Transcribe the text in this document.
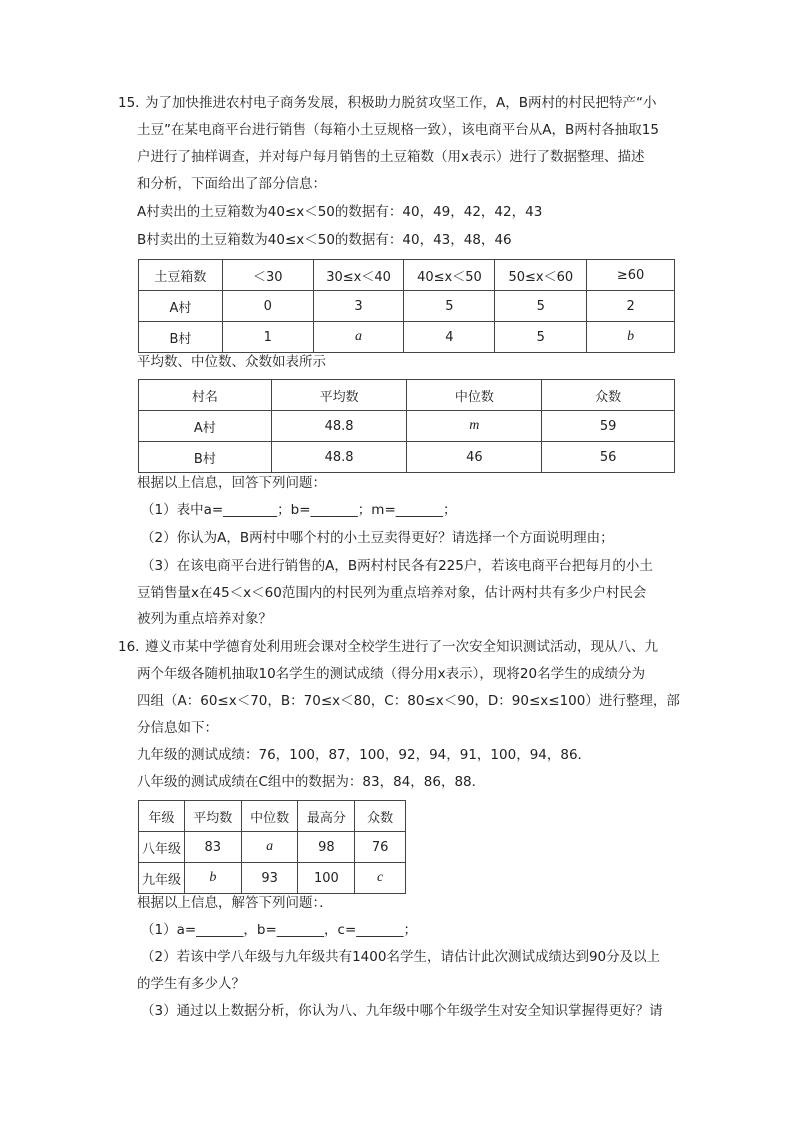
15．
为了加快推进农村电子商务发展，积极助力脱贫攻坚工作，A，B两村的村民把特产“小
土豆”在某电商平台进行销售（每箱小土豆规格一致），该电商平台从A，B两村各抽取15
户进行了抽样调查，并对每户每月销售的土豆箱数（用x表示）进行了数据整理、描述
和分析，下面给出了部分信息：
A村卖出的土豆箱数为40≤x＜50的数据有：40，49，42，42，43
B村卖出的土豆箱数为40≤x＜50的数据有：40，43，48，46
土豆箱数	＜30	30≤x＜40	40≤x＜50	50≤x＜60	≥60
A村	0	3	5	5	2
B村	1	a	4	5	b
平均数、中位数、众数如表所示
村名	平均数	中位数	众数
A村	48.8	m	59
B村	48.8	46	56
根据以上信息，回答下列问题：
（1）表中a=________；b=_______；m=_______；
（2）你认为A，B两村中哪个村的小土豆卖得更好？请选择一个方面说明理由；
（3）在该电商平台进行销售的A，B两村村民各有225户，若该电商平台把每月的小土
豆销售量x在45＜x＜60范围内的村民列为重点培养对象，估计两村共有多少户村民会
被列为重点培养对象？
16．
遵义市某中学德育处利用班会课对全校学生进行了一次安全知识测试活动，现从八、九
两个年级各随机抽取10名学生的测试成绩（得分用x表示），现将20名学生的成绩分为
四组（A：60≤x＜70，B：70≤x＜80，C：80≤x＜90，D：90≤x≤100）进行整理，部
分信息如下：
九年级的测试成绩：76，100，87，100，92，94，91，100，94，86．
八年级的测试成绩在C组中的数据为：83，84，86，88．
年级	平均数	中位数	最高分	众数
八年级	83	a	98	76
九年级	b	93	100	c
根据以上信息，解答下列问题：．
（1）a=_______，b=_______，c=_______；
（2）若该中学八年级与九年级共有1400名学生，请估计此次测试成绩达到90分及以上
的学生有多少人？
（3）通过以上数据分析，你认为八、九年级中哪个年级学生对安全知识掌握得更好？请
